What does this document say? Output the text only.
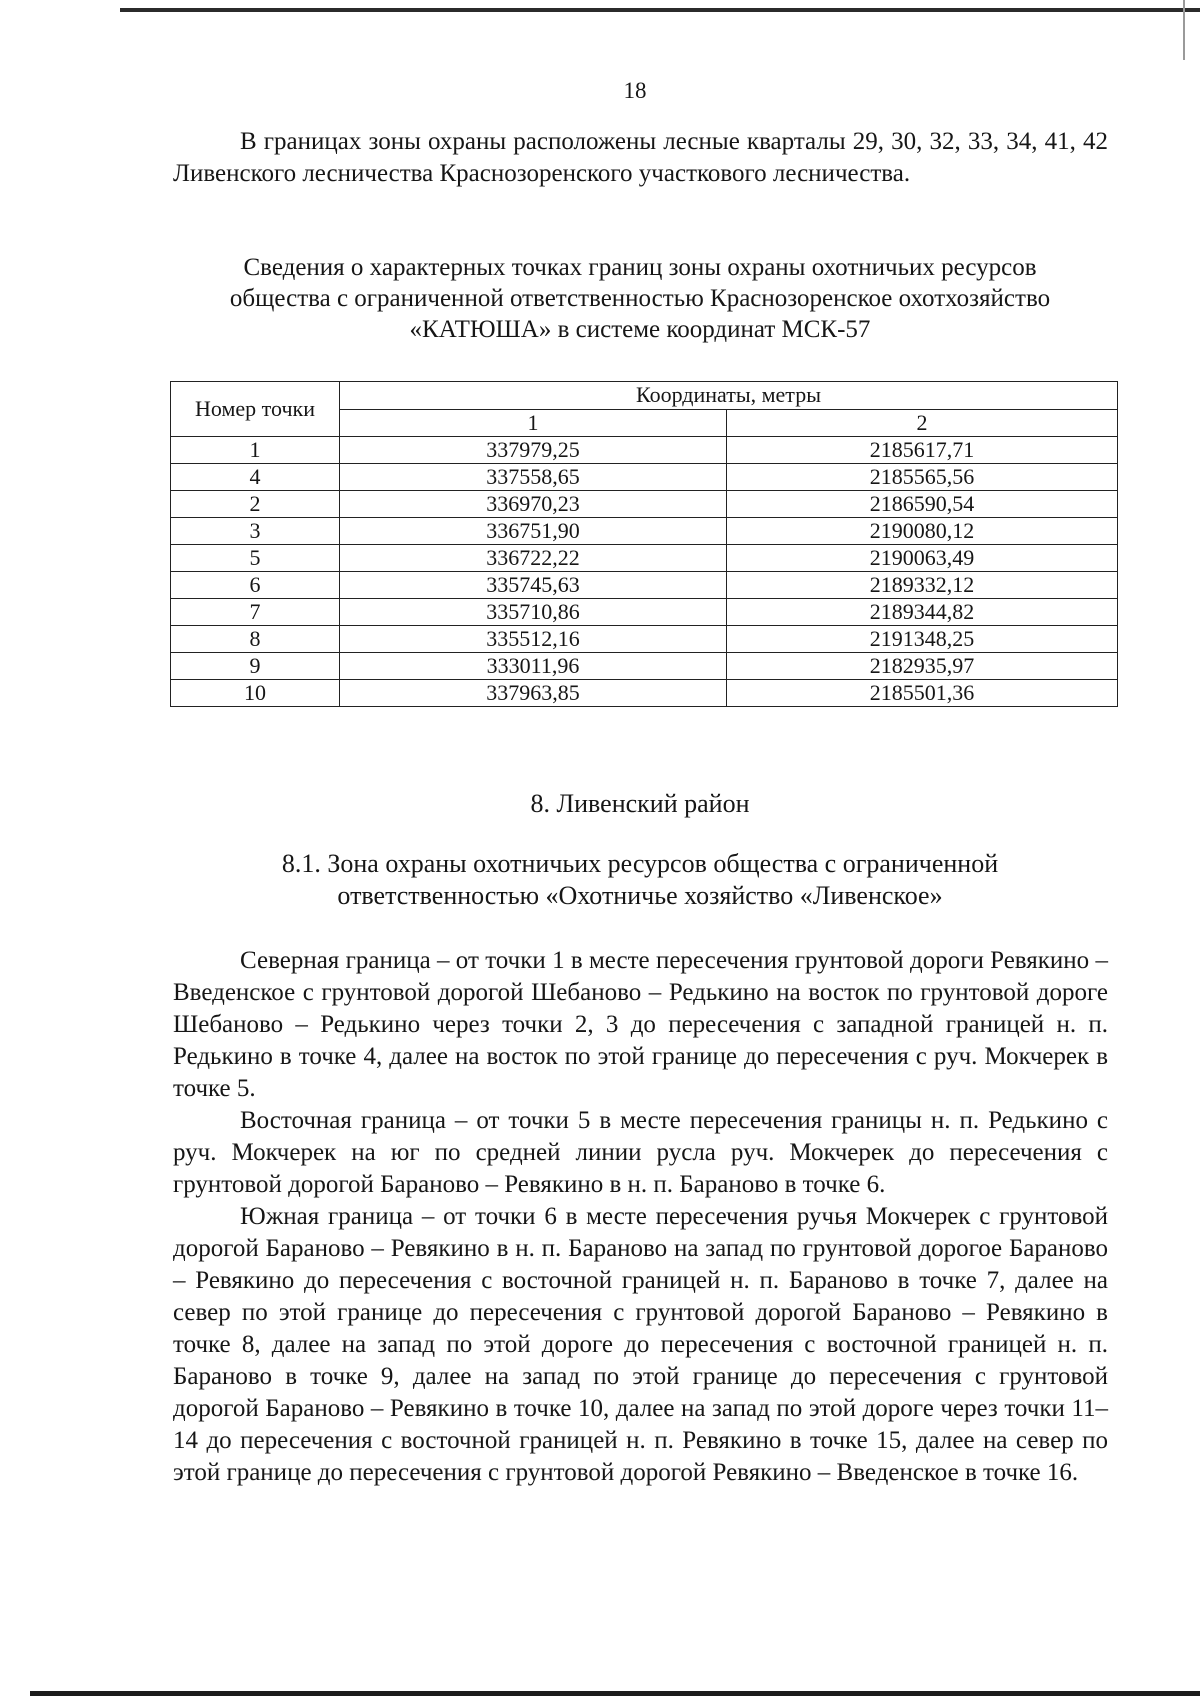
18

В границах зоны охраны расположены лесные кварталы 29, 30, 32, 33, 34, 41, 42 Ливенского лесничества Краснозоренского участкового лесничества.

Сведения о характерных точках границ зоны охраны охотничьих ресурсов
общества с ограниченной ответственностью Краснозоренское охотхозяйство
«КАТЮША» в системе координат МСК-57
Номер точки	Координаты, метры	
	1	2
1	337979,25	2185617,71
4	337558,65	2185565,56
2	336970,23	2186590,54
3	336751,90	2190080,12
5	336722,22	2190063,49
6	335745,63	2189332,12
7	335710,86	2189344,82
8	335512,16	2191348,25
9	333011,96	2182935,97
10	337963,85	2185501,36
8. Ливенский район
8.1. Зона охраны охотничьих ресурсов общества с ограниченной
ответственностью «Охотничье хозяйство «Ливенское»

Северная граница – от точки 1 в месте пересечения грунтовой дороги Ревякино – Введенское с грунтовой дорогой Шебаново – Редькино на восток по грунтовой дороге Шебаново – Редькино через точки 2, 3 до пересечения с западной границей н. п. Редькино в точке 4, далее на восток по этой границе до пересечения с руч. Мокчерек в точке 5.

Восточная граница – от точки 5 в месте пересечения границы н. п. Редькино с руч. Мокчерек на юг по средней линии русла руч. Мокчерек до пересечения с грунтовой дорогой Бараново – Ревякино в н. п. Бараново в точке 6.

Южная граница – от точки 6 в месте пересечения ручья Мокчерек с грунтовой дорогой Бараново – Ревякино в н. п. Бараново на запад по грунтовой дорогое Бараново – Ревякино до пересечения с восточной границей н. п. Бараново в точке 7, далее на север по этой границе до пересечения с грунтовой дорогой Бараново – Ревякино в точке 8, далее на запад по этой дороге до пересечения с восточной границей н. п. Бараново в точке 9, далее на запад по этой границе до пересечения с грунтовой дорогой Бараново – Ревякино в точке 10, далее на запад по этой дороге через точки 11–14 до пересечения с восточной границей н. п. Ревякино в точке 15, далее на север по этой границе до пересечения с грунтовой дорогой Ревякино – Введенское в точке 16.
